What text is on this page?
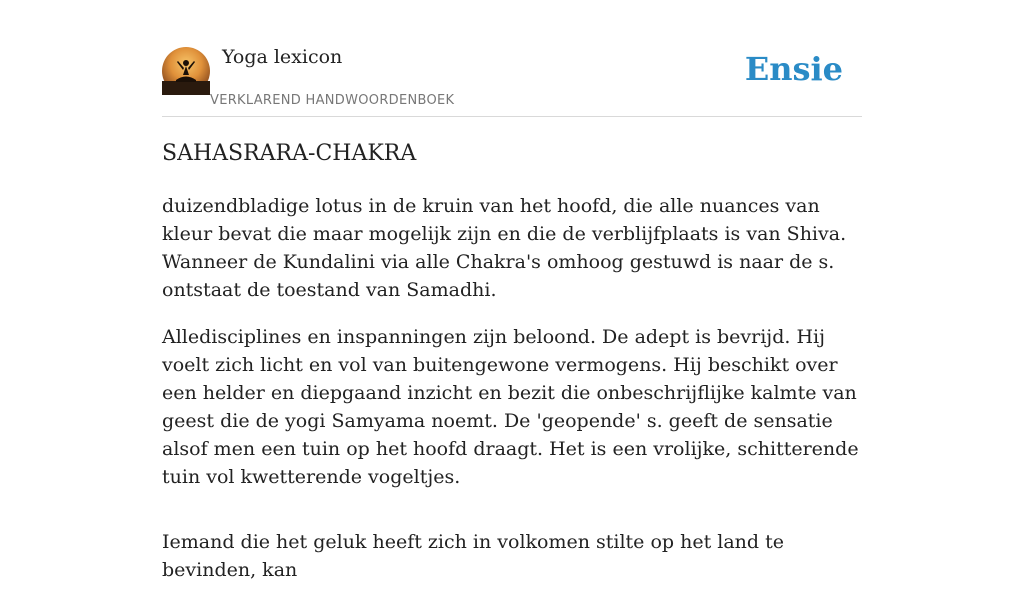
Yoga lexicon
VERKLAREND HANDWOORDENBOEK
Ensie
SAHASRARA-CHAKRA

duizendbladige lotus in de kruin van het hoofd, die alle nuances van kleur bevat die maar mogelijk zijn en die de verblijfplaats is van Shiva. Wanneer de Kundalini via alle Chakra's omhoog gestuwd is naar de s. ontstaat de toestand van Samadhi.

Alledisciplines en inspanningen zijn beloond. De adept is bevrijd. Hij voelt zich licht en vol van buitengewone vermogens. Hij beschikt over een helder en diepgaand inzicht en bezit die onbeschrijflijke kalmte van geest die de yogi Samyama noemt. De 'geopende' s. geeft de sensatie alsof men een tuin op het hoofd draagt. Het is een vrolijke, schitterende tuin vol kwetterende vogeltjes.

Iemand die het geluk heeft zich in volkomen stilte op het land te bevinden, kan
